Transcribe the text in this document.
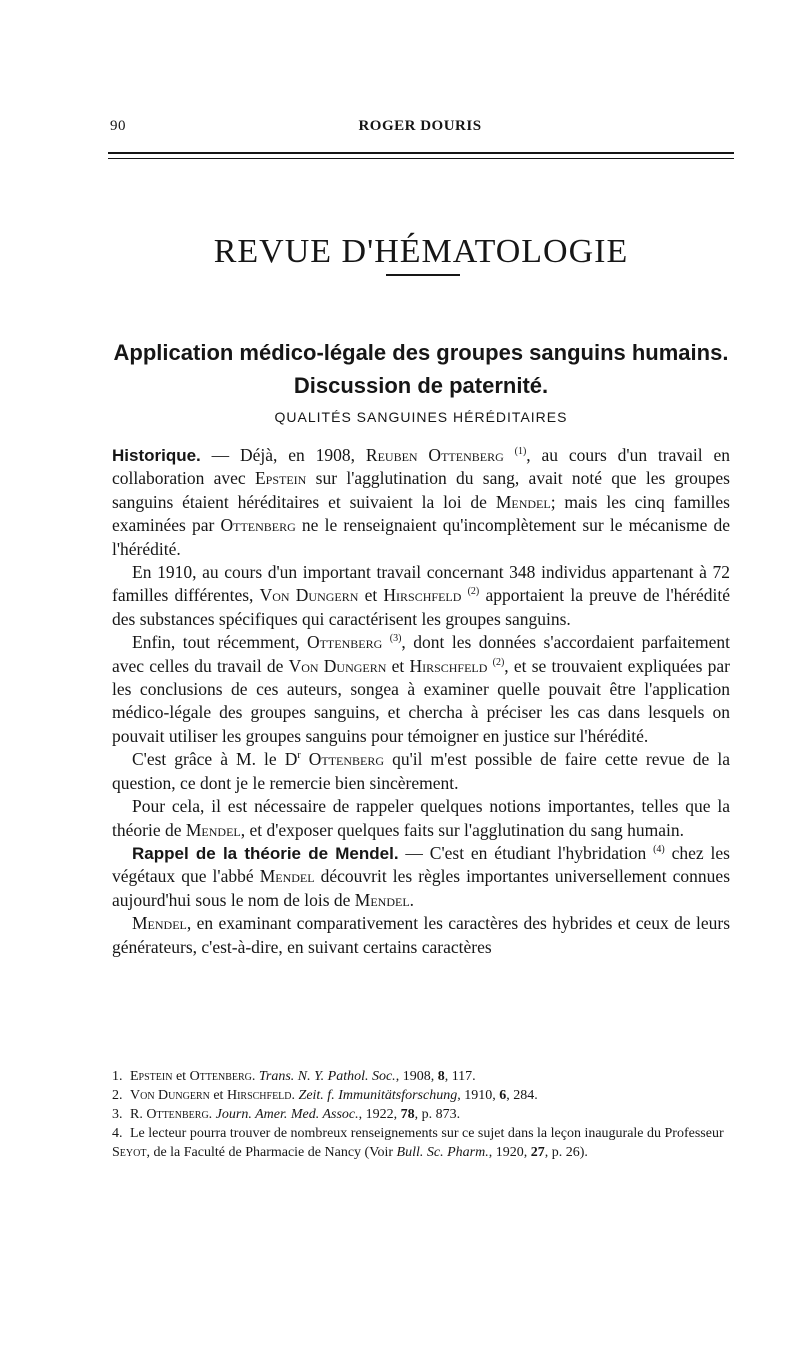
90	ROGER DOURIS
REVUE D'HÉMATOLOGIE
Application médico-légale des groupes sanguins humains.
Discussion de paternité.
QUALITÉS SANGUINES HÉRÉDITAIRES

Historique. — Déjà, en 1908, Reuben Ottenberg $^{(1)}$, au cours d'un travail en collaboration avec Epstein sur l'agglutination du sang, avait noté que les groupes sanguins étaient héréditaires et suivaient la loi de Mendel; mais les cinq familles examinées par Ottenberg ne le renseignaient qu'incomplètement sur le mécanisme de l'hérédité.

En 1910, au cours d'un important travail concernant 348 individus appartenant à 72 familles différentes, Von Dungern et Hirschfeld $^{(2)}$ apportaient la preuve de l'hérédité des substances spécifiques qui caractérisent les groupes sanguins.

Enfin, tout récemment, Ottenberg $^{(3)}$, dont les données s'accordaient parfaitement avec celles du travail de Von Dungern et Hirschfeld $^{(2)}$, et se trouvaient expliquées par les conclusions de ces auteurs, songea à examiner quelle pouvait être l'application médico-légale des groupes sanguins, et chercha à préciser les cas dans lesquels on pouvait utiliser les groupes sanguins pour témoigner en justice sur l'hérédité.

C'est grâce à M. le $D^r$ Ottenberg qu'il m'est possible de faire cette revue de la question, ce dont je le remercie bien sincèrement.

Pour cela, il est nécessaire de rappeler quelques notions importantes, telles que la théorie de Mendel, et d'exposer quelques faits sur l'agglutination du sang humain.

Rappel de la théorie de Mendel. — C'est en étudiant l'hybridation $^{(4)}$ chez les végétaux que l'abbé Mendel découvrit les règles importantes universellement connues aujourd'hui sous le nom de lois de Mendel.

Mendel, en examinant comparativement les caractères des hybrides et ceux de leurs générateurs, c'est-à-dire, en suivant certains caractères

1. Epstein et Ottenberg. Trans. N. Y. Pathol. Soc., 1908, 8, 117.

2. Von Dungern et Hirschfeld. Zeit. f. Immunitätsforschung, 1910, 6, 284.

3. R. Ottenberg. Journ. Amer. Med. Assoc., 1922, 78, p. 873.

4. Le lecteur pourra trouver de nombreux renseignements sur ce sujet dans la leçon inaugurale du Professeur Seyot, de la Faculté de Pharmacie de Nancy (Voir Bull. Sc. Pharm., 1920, 27, p. 26).
